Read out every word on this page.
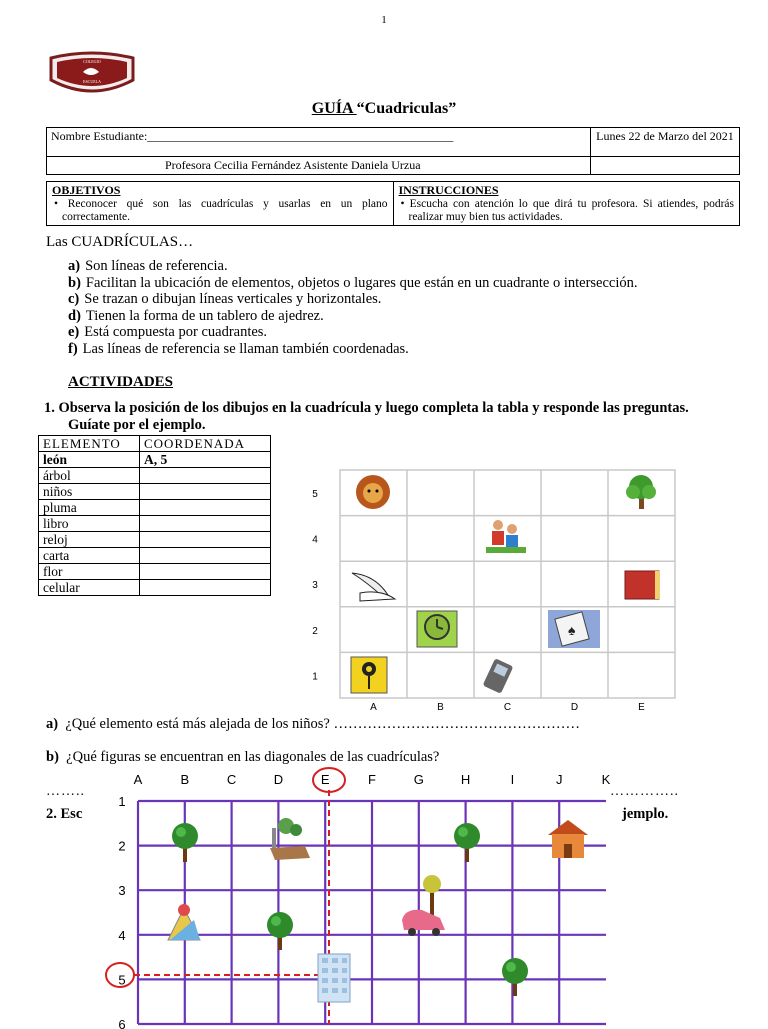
1
COLEGIO
ESCUELA
CHILE
GUÍA “Cuadriculas”
Nombre Estudiante:___________________________________________________	Lunes 22 de Marzo del 2021
Profesora Cecilia Fernández Asistente Daniela Urzua	
OBJETIVOS
• Reconocer qué son las cuadrículas y usarlas en un plano correctamente.

INSTRUCCIONES
• Escucha con atención lo que dirá tu profesora. Si atiendes, podrás realizar muy bien tus actividades.
Las CUADRÍCULAS…
a) Son líneas de referencia.
b) Facilitan la ubicación de elementos, objetos o lugares que están en un cuadrante o intersección.
c) Se trazan o dibujan líneas verticales y horizontales.
d) Tienen la forma de un tablero de ajedrez.
e) Está compuesta por cuadrantes.
f) Las líneas de referencia se llaman también coordenadas.
ACTIVIDADES
1. Observa la posición de los dibujos en la cuadrícula y luego completa la tabla y responde las preguntas. Guíate por el ejemplo.
ELEMENTO	COORDENADA
león	A, 5
árbol	
niños	
pluma	
libro	
reloj	
carta	
flor	
celular	
♠
A	B	C	D	E
5
4
3
2
1
a) ¿Qué elemento está más alejada de los niños? ……………………………………………
b) ¿Qué figuras se encuentran en las diagonales de las cuadrículas?
……..	…………..
2. Esc	jemplo.
A	B	C	D	E	F	G	H	I	J	K
1
2
3
4
5
6
